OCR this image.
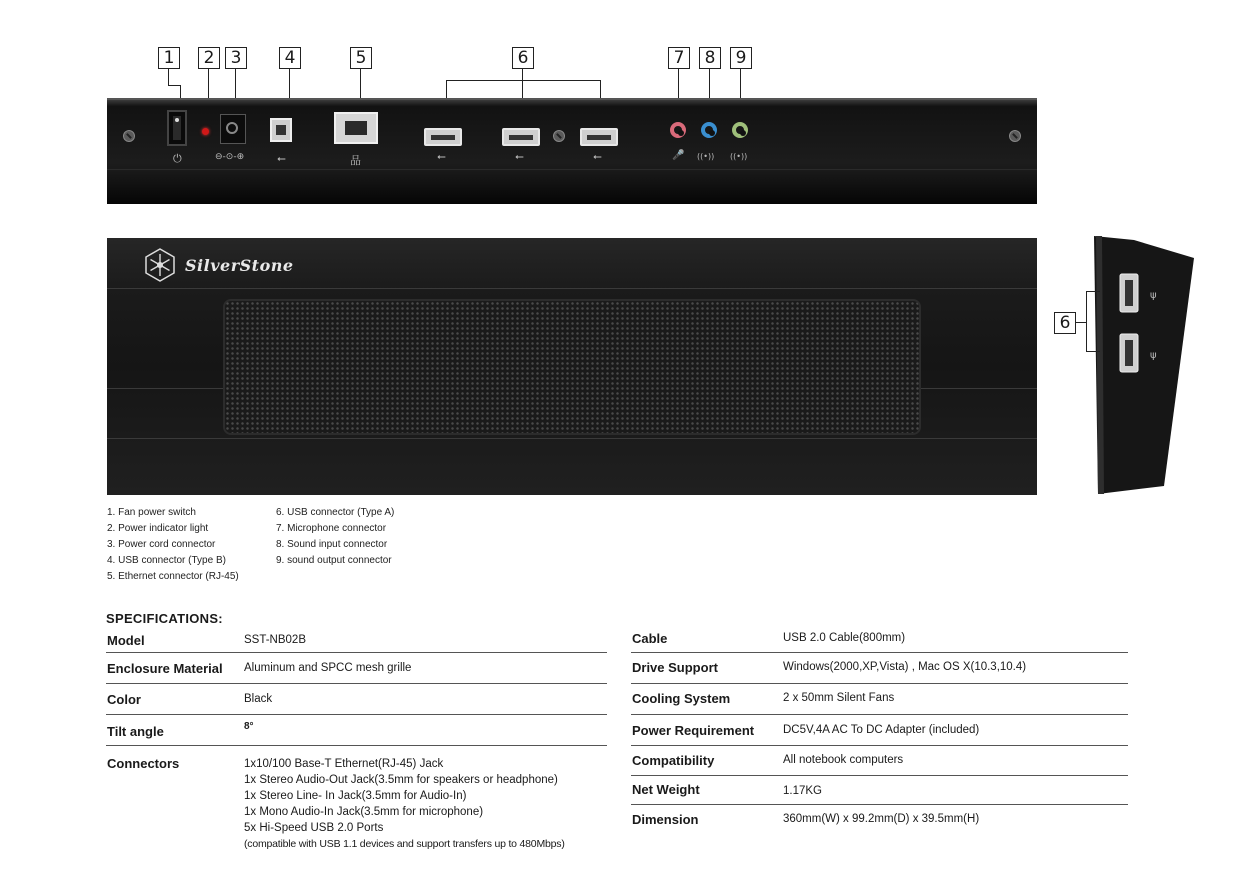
1	2 3	4	5	6	7	8	9
⏻	⊖-⊙-⊕	⭠	品	⭠	⭠	⭠	🎤 ((•)) ((•))
SilverStone
ψ
ψ
6
1. Fan power switch
2. Power indicator light
3. Power cord connector
4. USB connector (Type B)
5. Ethernet connector (RJ-45)
6. USB connector (Type A)
7. Microphone connector
8. Sound input connector
9. sound output connector
SPECIFICATIONS:
Model	SST-NB02B
Enclosure Material Aluminum and SPCC mesh grille
Color	Black
Tilt angle	8°
Connectors	1x10/100 Base-T Ethernet(RJ-45) Jack
1x Stereo Audio-Out Jack(3.5mm for speakers or headphone)
1x Stereo Line- In Jack(3.5mm for Audio-In)
1x Mono Audio-In Jack(3.5mm for microphone)
5x Hi-Speed USB 2.0 Ports
(compatible with USB 1.1 devices and support transfers up to 480Mbps)
Cable	USB 2.0 Cable(800mm)
Drive Support	Windows(2000,XP,Vista) , Mac OS X(10.3,10.4)
Cooling System	2 x 50mm Silent Fans
Power Requirement	DC5V,4A AC To DC Adapter (included)
Compatibility	All notebook computers
Net Weight	1.17KG
Dimension	360mm(W) x 99.2mm(D) x 39.5mm(H)
